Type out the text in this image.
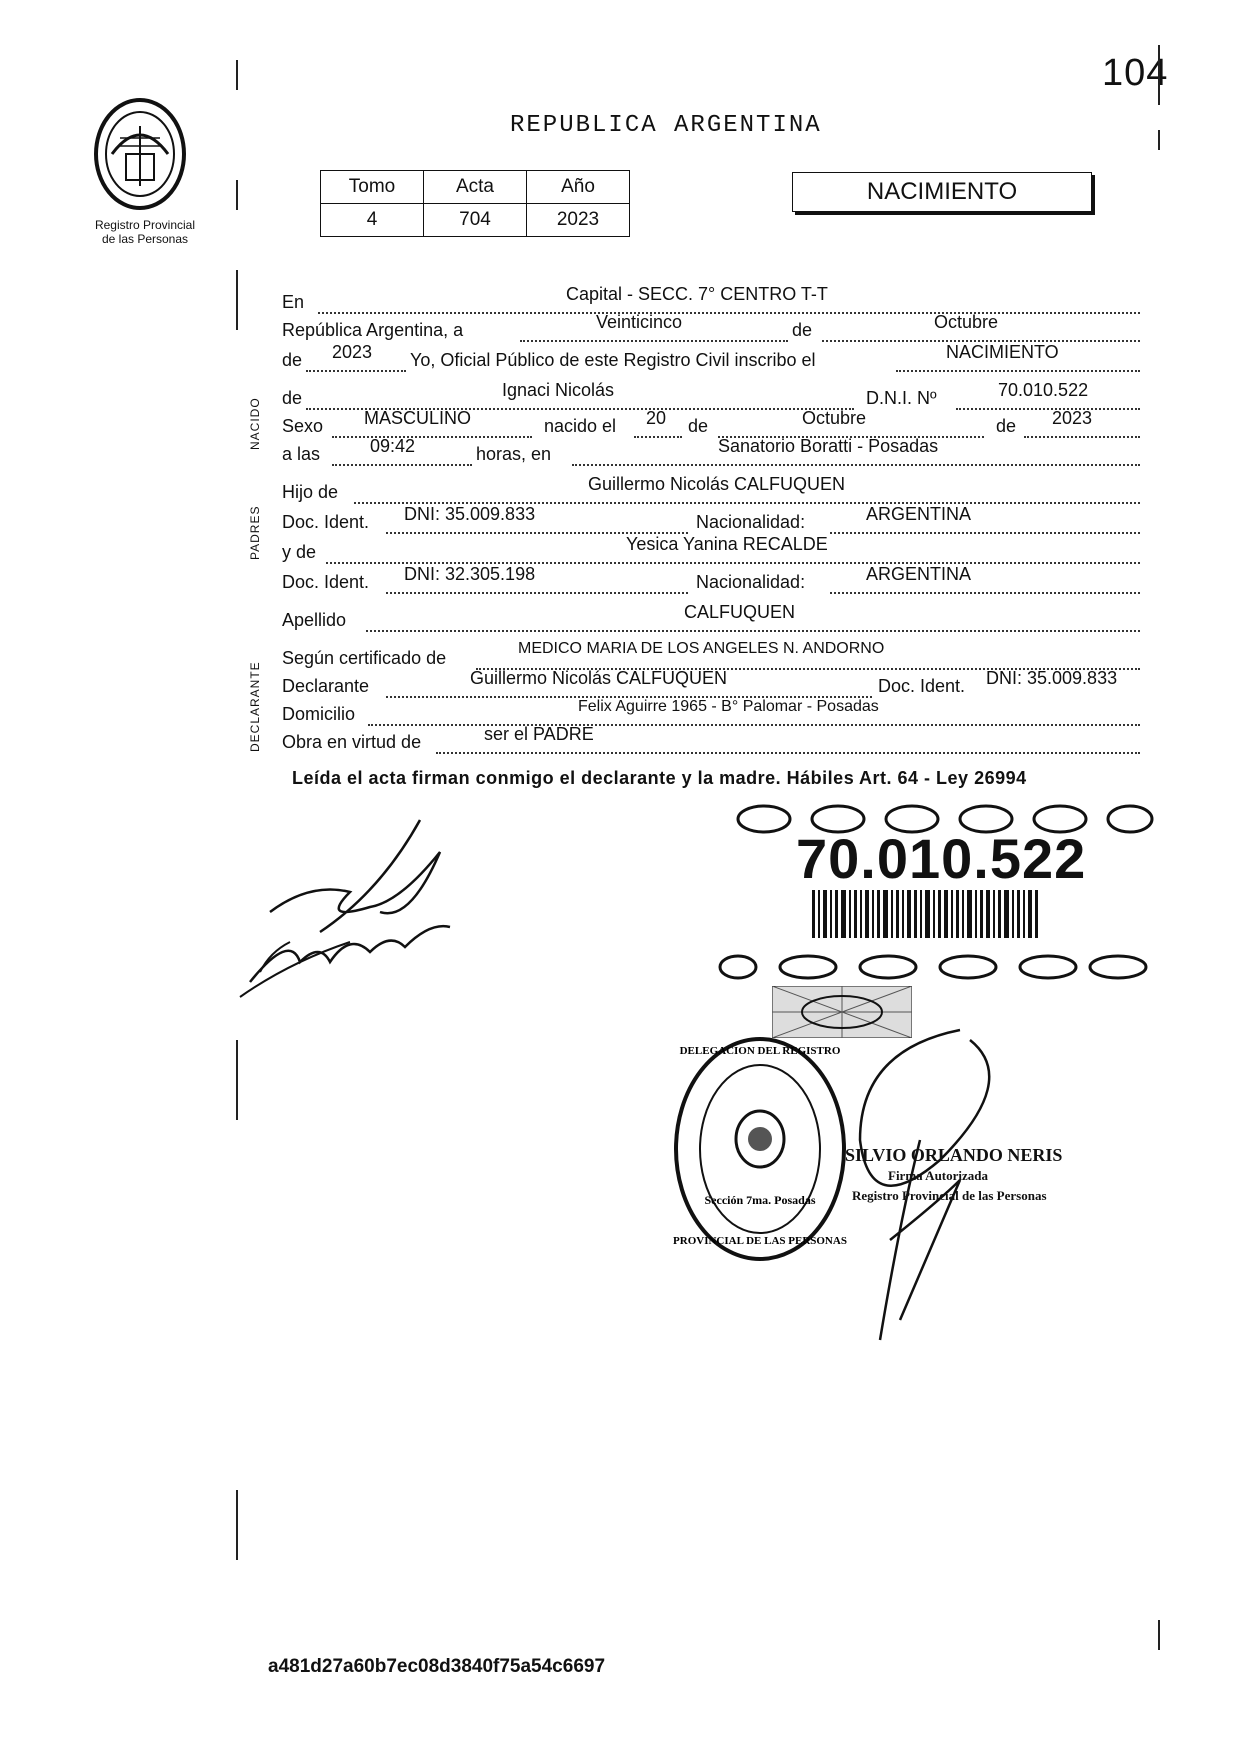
104
Registro Provincial
de las Personas
REPUBLICA ARGENTINA
Tomo	Acta	Año
4	704	2023
NACIMIENTO
NACIDO
PADRES
DECLARANTE
En	Capital - SECC. 7° CENTRO T-T
República Argentina, a	Veinticinco	de	Octubre
de 2023 Yo, Oficial Público de este Registro Civil inscribo el	NACIMIENTO
de	Ignaci Nicolás	D.N.I. Nº	70.010.522
Sexo MASCULINO	nacido el 20 de	Octubre	de 2023
a las	09:42	horas, en	Sanatorio Boratti - Posadas
Hijo de	Guillermo Nicolás CALFUQUEN
Doc. Ident. DNI: 35.009.833	Nacionalidad:	ARGENTINA
y de	Yesica Yanina RECALDE
Doc. Ident. DNI: 32.305.198	Nacionalidad:	ARGENTINA
Apellido	CALFUQUEN
Según certificado de	MEDICO MARIA DE LOS ANGELES N. ANDORNO
Declarante	Guillermo Nicolás CALFUQUEN	Doc. Ident. DNI: 35.009.833
Domicilio	Felix Aguirre 1965 - B° Palomar - Posadas
Obra en virtud de	ser el PADRE
Leída el acta firman conmigo el declarante y la madre. Hábiles Art. 64 - Ley 26994
70.010.522
DELEGACION DEL REGISTRO
PROVINCIAL DE LAS PERSONAS
Sección 7ma. Posadas
SILVIO ORLANDO NERIS
Firma Autorizada
Registro Provincial de las Personas
a481d27a60b7ec08d3840f75a54c6697
